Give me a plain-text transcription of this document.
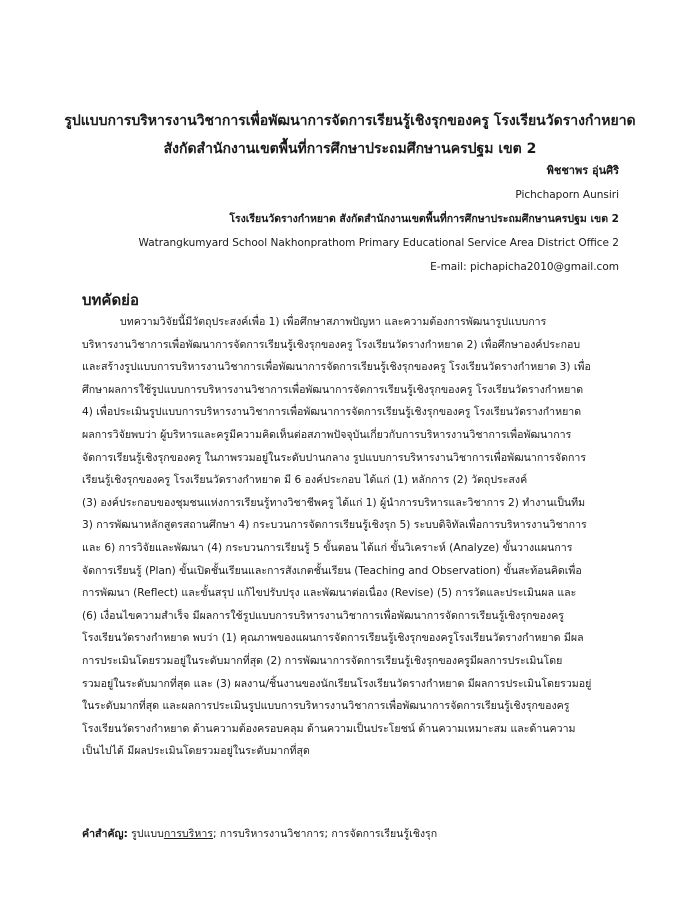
รูปแบบการบริหารงานวิชาการเพื่อพัฒนาการจัดการเรียนรู้เชิงรุกของครู โรงเรียนวัดรางกำหยาด
สังกัดสำนักงานเขตพื้นที่การศึกษาประถมศึกษานครปฐม เขต 2
พิชชาพร อุ่นศิริ
Pichchaporn Aunsiri
โรงเรียนวัดรางกำหยาด สังกัดสำนักงานเขตพื้นที่การศึกษาประถมศึกษานครปฐม เขต 2
Watrangkumyard School Nakhonprathom Primary Educational Service Area District Office 2
E-mail: pichapicha2010@gmail.com
บทคัดย่อ
บทความวิจัยนี้มีวัตถุประสงค์เพื่อ 1) เพื่อศึกษาสภาพปัญหา และความต้องการพัฒนารูปแบบการ
บริหารงานวิชาการเพื่อพัฒนาการจัดการเรียนรู้เชิงรุกของครู โรงเรียนวัดรางกำหยาด 2) เพื่อศึกษาองค์ประกอบ
และสร้างรูปแบบการบริหารงานวิชาการเพื่อพัฒนาการจัดการเรียนรู้เชิงรุกของครู โรงเรียนวัดรางกำหยาด 3) เพื่อ
ศึกษาผลการใช้รูปแบบการบริหารงานวิชาการเพื่อพัฒนาการจัดการเรียนรู้เชิงรุกของครู โรงเรียนวัดรางกำหยาด
4) เพื่อประเมินรูปแบบการบริหารงานวิชาการเพื่อพัฒนาการจัดการเรียนรู้เชิงรุกของครู โรงเรียนวัดรางกำหยาด
ผลการวิจัยพบว่า ผู้บริหารและครูมีความคิดเห็นต่อสภาพปัจจุบันเกี่ยวกับการบริหารงานวิชาการเพื่อพัฒนาการ
จัดการเรียนรู้เชิงรุกของครู ในภาพรวมอยู่ในระดับปานกลาง รูปแบบการบริหารงานวิชาการเพื่อพัฒนาการจัดการ
เรียนรู้เชิงรุกของครู โรงเรียนวัดรางกำหยาด มี 6 องค์ประกอบ ได้แก่ (1) หลักการ (2) วัตถุประสงค์
(3) องค์ประกอบของชุมชนแห่งการเรียนรู้ทางวิชาชีพครู ได้แก่ 1) ผู้นำการบริหารและวิชาการ 2) ทำงานเป็นทีม
3) การพัฒนาหลักสูตรสถานศึกษา 4) กระบวนการจัดการเรียนรู้เชิงรุก 5) ระบบดิจิทัลเพื่อการบริหารงานวิชาการ
และ 6) การวิจัยและพัฒนา (4) กระบวนการเรียนรู้ 5 ขั้นตอน ได้แก่ ขั้นวิเคราะห์ (Analyze) ขั้นวางแผนการ
จัดการเรียนรู้ (Plan) ขั้นเปิดชั้นเรียนและการสังเกตชั้นเรียน (Teaching and Observation) ขั้นสะท้อนคิดเพื่อ
การพัฒนา (Reflect) และขั้นสรุป แก้ไขปรับปรุง และพัฒนาต่อเนื่อง (Revise) (5) การวัดและประเมินผล และ
(6) เงื่อนไขความสำเร็จ มีผลการใช้รูปแบบการบริหารงานวิชาการเพื่อพัฒนาการจัดการเรียนรู้เชิงรุกของครู
โรงเรียนวัดรางกำหยาด พบว่า (1) คุณภาพของแผนการจัดการเรียนรู้เชิงรุกของครูโรงเรียนวัดรางกำหยาด มีผล
การประเมินโดยรวมอยู่ในระดับมากที่สุด (2) การพัฒนาการจัดการเรียนรู้เชิงรุกของครูมีผลการประเมินโดย
รวมอยู่ในระดับมากที่สุด และ (3) ผลงาน/ชิ้นงานของนักเรียนโรงเรียนวัดรางกำหยาด มีผลการประเมินโดยรวมอยู่
ในระดับมากที่สุด และผลการประเมินรูปแบบการบริหารงานวิชาการเพื่อพัฒนาการจัดการเรียนรู้เชิงรุกของครู
โรงเรียนวัดรางกำหยาด ด้านความต้องครอบคลุม ด้านความเป็นประโยชน์ ด้านความเหมาะสม และด้านความ
เป็นไปได้ มีผลประเมินโดยรวมอยู่ในระดับมากที่สุด
คำสำคัญ: รูปแบบการบริหาร; การบริหารงานวิชาการ; การจัดการเรียนรู้เชิงรุก
